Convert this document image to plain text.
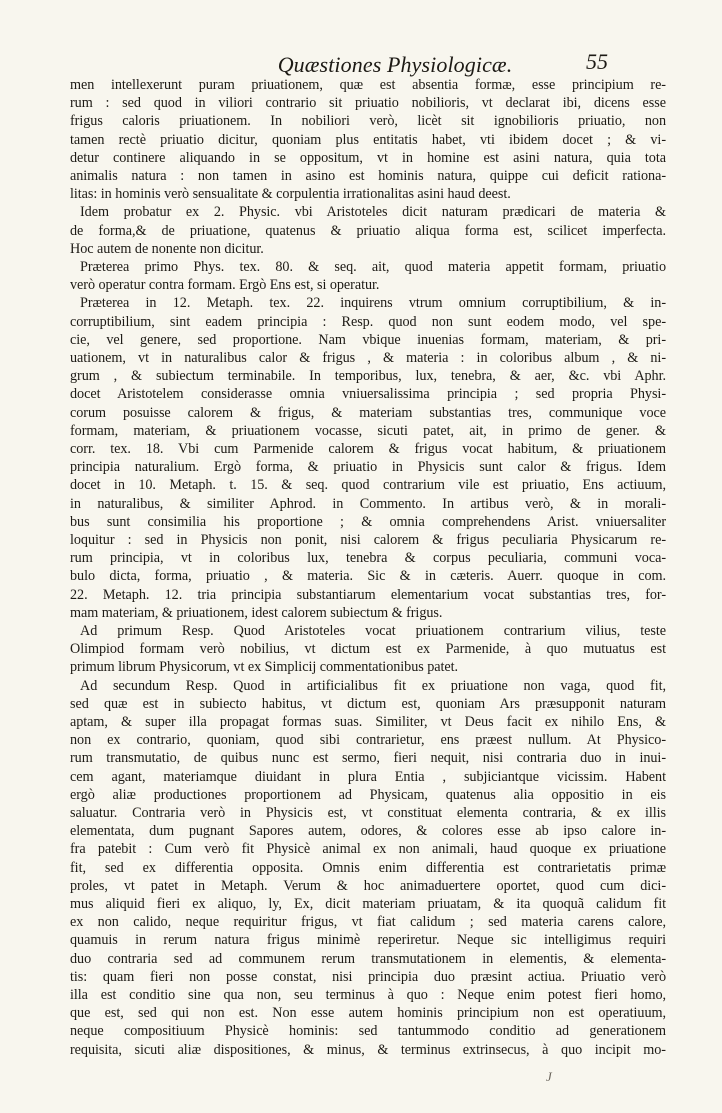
Quæstiones Physiologicæ.	55
men intellexerunt puram priuationem, quæ est absentia formæ, esse principium re-
rum : sed quod in viliori contrario sit priuatio nobilioris, vt declarat ibi, dicens esse
frigus caloris priuationem. In nobiliori verò, licèt sit ignobilioris priuatio, non
tamen rectè priuatio dicitur, quoniam plus entitatis habet, vti ibidem docet ; & vi-
detur continere aliquando in se oppositum, vt in homine est asini natura, quia tota
animalis natura : non tamen in asino est hominis natura, quippe cui deficit rationa-
litas: in hominis verò sensualitate & corpulentia irrationalitas asini haud deest.
Idem probatur ex 2. Physic. vbi Aristoteles dicit naturam prædicari de materia &
de forma,& de priuatione, quatenus & priuatio aliqua forma est, scilicet imperfecta.
Hoc autem de nonente non dicitur.
Præterea primo Phys. tex. 80. & seq. ait, quod materia appetit formam, priuatio
verò operatur contra formam. Ergò Ens est, si operatur.
Præterea in 12. Metaph. tex. 22. inquirens vtrum omnium corruptibilium, & in-
corruptibilium, sint eadem principia : Resp. quod non sunt eodem modo, vel spe-
cie, vel genere, sed proportione. Nam vbique inuenias formam, materiam, & pri-
uationem, vt in naturalibus calor & frigus , & materia : in coloribus album , & ni-
grum , & subiectum terminabile. In temporibus, lux, tenebra, & aer, &c. vbi Aphr.
docet Aristotelem considerasse omnia vniuersalissima principia ; sed propria Physi-
corum posuisse calorem & frigus, & materiam substantias tres, communique voce
formam, materiam, & priuationem vocasse, sicuti patet, ait, in primo de gener. &
corr. tex. 18. Vbi cum Parmenide calorem & frigus vocat habitum, & priuationem
principia naturalium. Ergò forma, & priuatio in Physicis sunt calor & frigus. Idem
docet in 10. Metaph. t. 15. & seq. quod contrarium vile est priuatio, Ens actiuum,
in naturalibus, & similiter Aphrod. in Commento. In artibus verò, & in morali-
bus sunt consimilia his proportione ; & omnia comprehendens Arist. vniuersaliter
loquitur : sed in Physicis non ponit, nisi calorem & frigus peculiaria Physicarum re-
rum principia, vt in coloribus lux, tenebra & corpus peculiaria, communi voca-
bulo dicta, forma, priuatio , & materia. Sic & in cæteris. Auerr. quoque in com.
22. Metaph. 12. tria principia substantiarum elementarium vocat substantias tres, for-
mam materiam, & priuationem, idest calorem subiectum & frigus.
Ad primum Resp. Quod Aristoteles vocat priuationem contrarium vilius, teste
Olimpiod formam verò nobilius, vt dictum est ex Parmenide, à quo mutuatus est
primum librum Physicorum, vt ex Simplicij commentationibus patet.
Ad secundum Resp. Quod in artificialibus fit ex priuatione non vaga, quod fit,
sed quæ est in subiecto habitus, vt dictum est, quoniam Ars præsupponit naturam
aptam, & super illa propagat formas suas. Similiter, vt Deus facit ex nihilo Ens, &
non ex contrario, quoniam, quod sibi contrarietur, ens præest nullum. At Physico-
rum transmutatio, de quibus nunc est sermo, fieri nequit, nisi contraria duo in inui-
cem agant, materiamque diuidant in plura Entia , subjiciantque vicissim. Habent
ergò aliæ productiones proportionem ad Physicam, quatenus alia oppositio in eis
saluatur. Contraria verò in Physicis est, vt constituat elementa contraria, & ex illis
elementata, dum pugnant Sapores autem, odores, & colores esse ab ipso calore in-
fra patebit : Cum verò fit Physicè animal ex non animali, haud quoque ex priuatione
fit, sed ex differentia opposita. Omnis enim differentia est contrarietatis primæ
proles, vt patet in Metaph. Verum & hoc animaduertere oportet, quod cum dici-
mus aliquid fieri ex aliquo, ly, Ex, dicit materiam priuatam, & ita quoquã calidum fit
ex non calido, neque requiritur frigus, vt fiat calidum ; sed materia carens calore,
quamuis in rerum natura frigus minimè reperiretur. Neque sic intelligimus requiri
duo contraria sed ad communem rerum transmutationem in elementis, & elementa-
tis: quam fieri non posse constat, nisi principia duo præsint actiua. Priuatio verò
illa est conditio sine qua non, seu terminus à quo : Neque enim potest fieri homo,
que est, sed qui non est. Non esse autem hominis principium non est operatiuum,
neque compositiuum Physicè hominis: sed tantummodo conditio ad generationem
requisita, sicuti aliæ dispositiones, & minus, & terminus extrinsecus, à quo incipit mo-
J
